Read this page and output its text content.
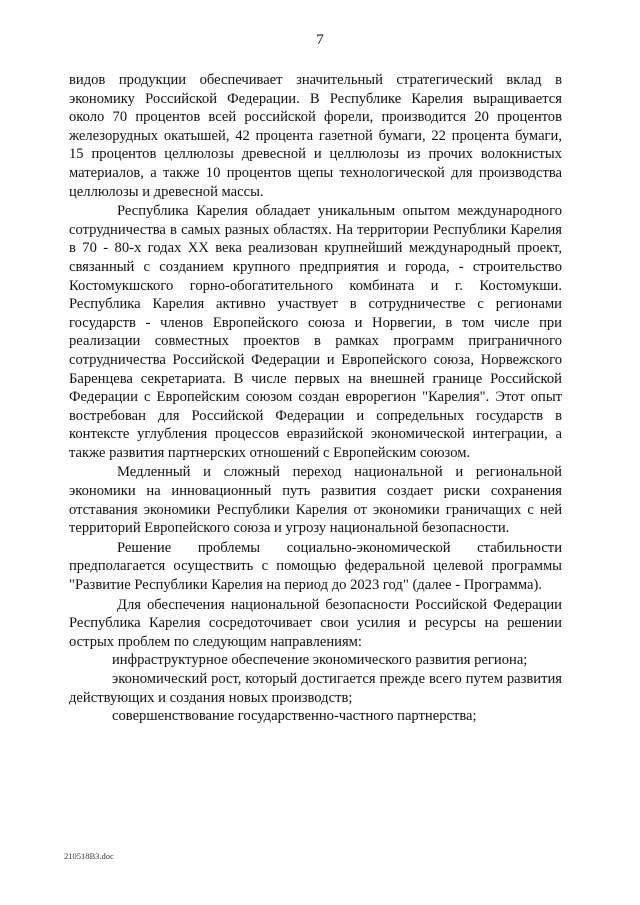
7

видов продукции обеспечивает значительный стратегический вклад в экономику Российской Федерации. В Республике Карелия выращивается около 70 процентов всей российской форели, производится 20 процентов железорудных окатышей, 42 процента газетной бумаги, 22 процента бумаги, 15 процентов целлюлозы древесной и целлюлозы из прочих волокнистых материалов, а также 10 процентов щепы технологической для производства целлюлозы и древесной массы.

Республика Карелия обладает уникальным опытом международного сотрудничества в самых разных областях. На территории Республики Карелия в 70 - 80-х годах XX века реализован крупнейший международный проект, связанный с созданием крупного предприятия и города, - строительство Костомукшского горно-обогатительного комбината и г. Костомукши. Республика Карелия активно участвует в сотрудничестве с регионами государств - членов Европейского союза и Норвегии, в том числе при реализации совместных проектов в рамках программ приграничного сотрудничества Российской Федерации и Европейского союза, Норвежского Баренцева секретариата. В числе первых на внешней границе Российской Федерации с Европейским союзом создан еврорегион "Карелия". Этот опыт востребован для Российской Федерации и сопредельных государств в контексте углубления процессов евразийской экономической интеграции, а также развития партнерских отношений с Европейским союзом.

Медленный и сложный переход национальной и региональной экономики на инновационный путь развития создает риски сохранения отставания экономики Республики Карелия от экономики граничащих с ней территорий Европейского союза и угрозу национальной безопасности.

Решение проблемы социально-экономической стабильности предполагается осуществить с помощью федеральной целевой программы "Развитие Республики Карелия на период до 2023 год" (далее - Программа).

Для обеспечения национальной безопасности Российской Федерации Республика Карелия сосредоточивает свои усилия и ресурсы на решении острых проблем по следующим направлениям:

инфраструктурное обеспечение экономического развития региона;

экономический рост, который достигается прежде всего путем развития действующих и создания новых производств;

совершенствование государственно-частного партнерства;

210518В3.doc
